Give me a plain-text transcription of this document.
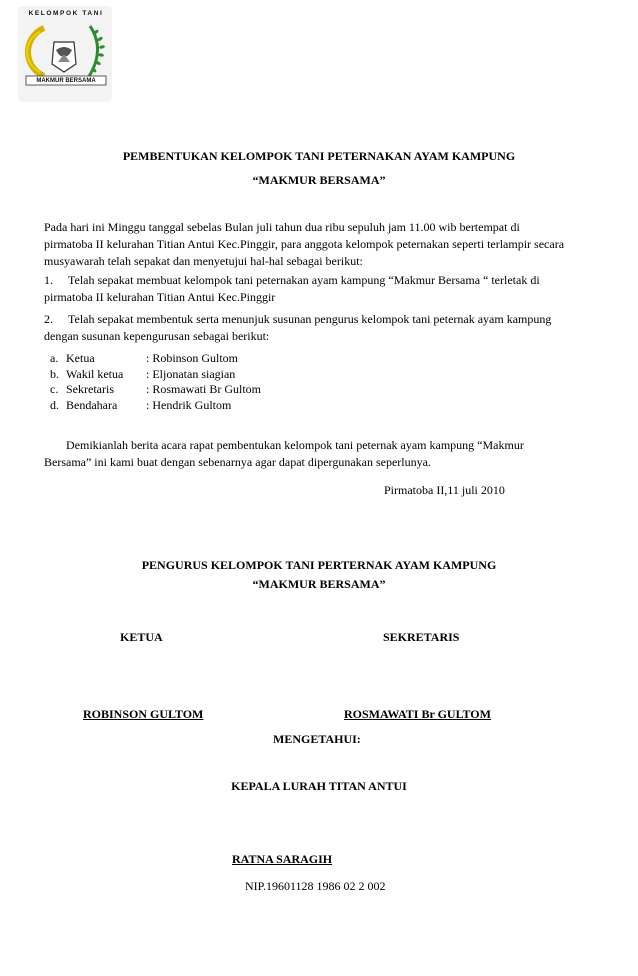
KELOMPOK TANI
MAKMUR BERSAMA
PEMBENTUKAN KELOMPOK TANI PETERNAKAN AYAM KAMPUNG
“MAKMUR BERSAMA”
Pada hari ini Minggu tanggal sebelas Bulan juli tahun dua ribu sepuluh jam 11.00 wib bertempat di
pirmatoba II kelurahan Titian Antui Kec.Pinggir, para anggota kelompok peternakan seperti terlampir secara
musyawarah telah sepakat dan menyetujui hal-hal sebagai berikut:
1. Telah sepakat membuat kelompok tani peternakan ayam kampung “Makmur Bersama “ terletak di
pirmatoba II kelurahan Titian Antui Kec.Pinggir
2. Telah sepakat membentuk serta menunjuk susunan pengurus kelompok tani peternak ayam kampung
dengan susunan kepengurusan sebagai berikut:
a. Ketua	: Robinson Gultom
b. Wakil ketua : Eljonatan siagian
c. Sekretaris	: Rosmawati Br Gultom
d. Bendahara : Hendrik Gultom
Demikianlah berita acara rapat pembentukan kelompok tani peternak ayam kampung “Makmur
Bersama” ini kami buat dengan sebenarnya agar dapat dipergunakan seperlunya.
Pirmatoba II,11 juli 2010
PENGURUS KELOMPOK TANI PERTERNAK AYAM KAMPUNG
“MAKMUR BERSAMA”
KETUA	SEKRETARIS
ROBINSON GULTOM	ROSMAWATI Br GULTOM
MENGETAHUI:
KEPALA LURAH TITAN ANTUI
RATNA SARAGIH
NIP.19601128 1986 02 2 002
